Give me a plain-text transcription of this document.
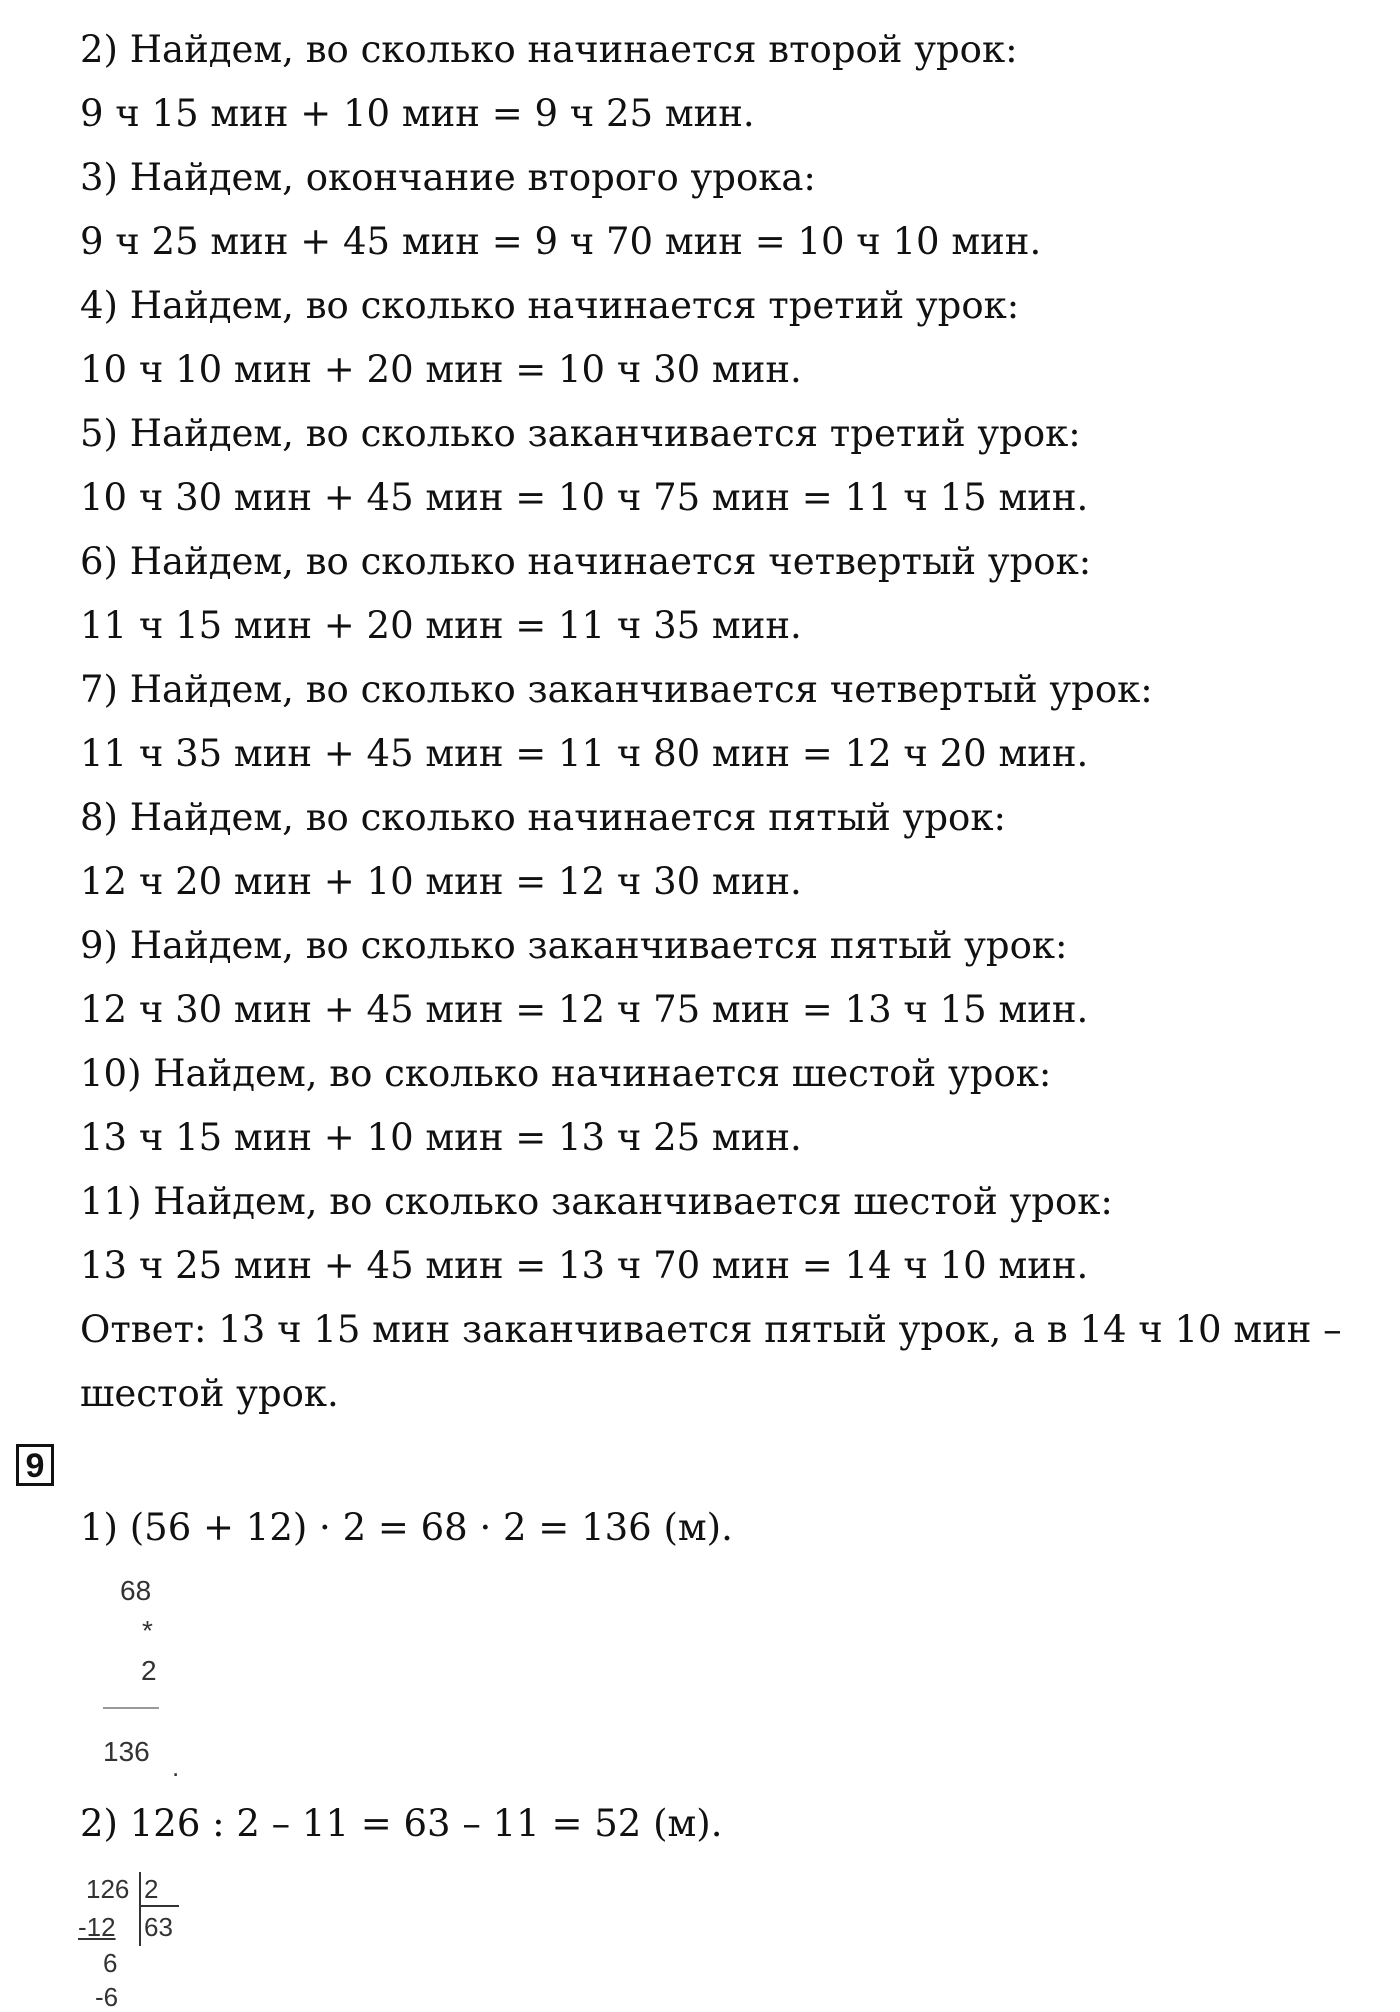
2) Найдем, во сколько начинается второй урок:
9 ч 15 мин + 10 мин = 9 ч 25 мин.
3) Найдем, окончание второго урока:
9 ч 25 мин + 45 мин = 9 ч 70 мин = 10 ч 10 мин.
4) Найдем, во сколько начинается третий урок:
10 ч 10 мин + 20 мин = 10 ч 30 мин.
5) Найдем, во сколько заканчивается третий урок:
10 ч 30 мин + 45 мин = 10 ч 75 мин = 11 ч 15 мин.
6) Найдем, во сколько начинается четвертый урок:
11 ч 15 мин + 20 мин = 11 ч 35 мин.
7) Найдем, во сколько заканчивается четвертый урок:
11 ч 35 мин + 45 мин = 11 ч 80 мин = 12 ч 20 мин.
8) Найдем, во сколько начинается пятый урок:
12 ч 20 мин + 10 мин = 12 ч 30 мин.
9) Найдем, во сколько заканчивается пятый урок:
12 ч 30 мин + 45 мин = 12 ч 75 мин = 13 ч 15 мин.
10) Найдем, во сколько начинается шестой урок:
13 ч 15 мин + 10 мин = 13 ч 25 мин.
11) Найдем, во сколько заканчивается шестой урок:
13 ч 25 мин + 45 мин = 13 ч 70 мин = 14 ч 10 мин.
Ответ: 13 ч 15 мин заканчивается пятый урок, а в 14 ч 10 мин –
шестой урок.
9
1) (56 + 12) · 2 = 68 · 2 = 136 (м).
68
*
2
136 .
2) 126 : 2 – 11 = 63 – 11 = 52 (м).
126 2
63
-12
6
-6
